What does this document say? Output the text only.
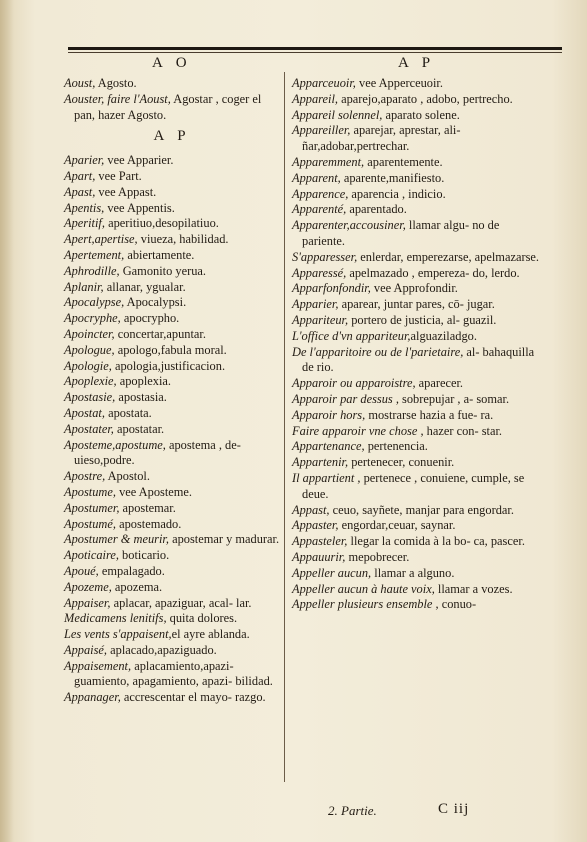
A O	A P

Aoust, Agosto.

Aouster, faire l'Aoust, Agostar , coger el pan, hazer Agosto.

A P

Aparier, vee Apparier.

Apart, vee Part.

Apast, vee Appast.

Apentis, vee Appentis.

Aperitif, aperitiuo,desopilatiuo.

Apert,apertise, viueza, habilidad.

Apertement, abiertamente.

Aphrodille, Gamonito yerua.

Aplanir, allanar, ygualar.

Apocalypse, Apocalypsi.

Apocryphe, apocrypho.

Apoincter, concertar,apuntar.

Apologue, apologo,fabula moral.

Apologie, apologia,justificacion.

Apoplexie, apoplexia.

Apostasie, apostasia.

Apostat, apostata.

Apostater, apostatar.

Aposteme,apostume, apostema , de- uieso,podre.

Apostre, Apostol.

Apostume, vee Aposteme.

Apostumer, apostemar.

Apostumé, apostemado.

Apostumer & meurir, apostemar y madurar.

Apoticaire, boticario.

Apoué, empalagado.

Apozeme, apozema.

Appaiser, aplacar, apaziguar, acal- lar.

Medicamens lenitifs, quita dolores.

Les vents s'appaisent,el ayre ablanda.

Appaisé, aplacado,apaziguado.

Appaisement, aplacamiento,apazi- guamiento, apagamiento, apazi- bilidad.

Appanager, accrescentar el mayo- razgo.

Apparceuoir, vee Apperceuoir.

Appareil, aparejo,aparato , adobo, pertrecho.

Appareil solennel, aparato solene.

Appareiller, aparejar, aprestar, ali- ñar,adobar,pertrechar.

Apparemment, aparentemente.

Apparent, aparente,manifiesto.

Apparence, aparencia , indicio.

Apparenté, aparentado.

Apparenter,accousiner, llamar algu- no de pariente.

S'apparesser, enlerdar, emperezarse, apelmazarse.

Apparessé, apelmazado , empereza- do, lerdo.

Apparfonfondir, vee Approfondir.

Apparier, aparear, juntar pares, cō- jugar.

Appariteur, portero de justicia, al- guazil.

L'office d'vn appariteur,alguaziladgo.

De l'apparitoire ou de l'parietaire, al- bahaquilla de rio.

Apparoir ou apparoistre, aparecer.

Apparoir par dessus , sobrepujar , a- somar.

Apparoir hors, mostrarse hazia a fue- ra.

Faire apparoir vne chose , hazer con- star.

Appartenance, pertenencia.

Appartenir, pertenecer, conuenir.

Il appartient , pertenece , conuiene, cumple, se deue.

Appast, ceuo, sayñete, manjar para engordar.

Appaster, engordar,ceuar, saynar.

Appasteler, llegar la comida à la bo- ca, pascer.

Appauurir, mepobrecer.

Appeller aucun, llamar a alguno.

Appeller aucun à haute voix, llamar a vozes.

Appeller plusieurs ensemble , conuo-

2. Partie.	C iij
